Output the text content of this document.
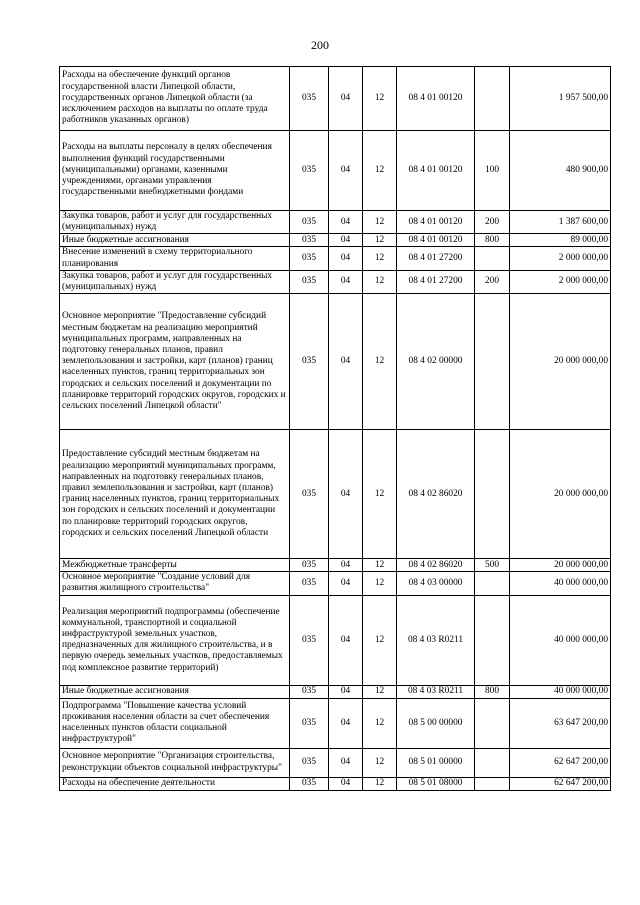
200
Расходы на обеспечение функций органов государственной власти Липецкой области, государственных органов Липецкой области (за исключением расходов на выплаты по оплате труда работников указанных органов)	035	04	12	08 4 01 00120		1 957 500,00
Расходы на выплаты персоналу в целях обеспечения выполнения функций государственными (муниципальными) органами, казенными учреждениями, органами управления государственными внебюджетными фондами	035	04	12	08 4 01 00120	100	480 900,00
Закупка товаров, работ и услуг для государственных (муниципальных) нужд	035	04	12	08 4 01 00120	200	1 387 600,00
Иные бюджетные ассигнования	035	04	12	08 4 01 00120	800	89 000,00
Внесение изменений в схему территориального планирования	035	04	12	08 4 01 27200		2 000 000,00
Закупка товаров, работ и услуг для государственных (муниципальных) нужд	035	04	12	08 4 01 27200	200	2 000 000,00
Основное мероприятие "Предоставление субсидий местным бюджетам на реализацию мероприятий муниципальных программ, направленных на подготовку генеральных планов, правил землепользования и застройки, карт (планов) границ населенных пунктов, границ территориальных зон городских и сельских поселений и документации по планировке территорий городских округов, городских и сельских поселений Липецкой области"	035	04	12	08 4 02 00000		20 000 000,00
Предоставление субсидий местным бюджетам на реализацию мероприятий муниципальных программ, направленных на подготовку генеральных планов, правил землепользования и застройки, карт (планов) границ населенных пунктов, границ территориальных зон городских и сельских поселений и документации по планировке территорий городских округов, городских и сельских поселений Липецкой области	035	04	12	08 4 02 86020		20 000 000,00
Межбюджетные трансферты	035	04	12	08 4 02 86020	500	20 000 000,00
Основное мероприятие "Создание условий для развития жилищного строительства"	035	04	12	08 4 03 00000		40 000 000,00
Реализация мероприятий подпрограммы (обеспечение коммунальной, транспортной и социальной инфраструктурой земельных участков, предназначенных для жилищного строительства, и в первую очередь земельных участков, предоставляемых под комплексное развитие территорий)	035	04	12	08 4 03 R0211		40 000 000,00
Иные бюджетные ассигнования	035	04	12	08 4 03 R0211	800	40 000 000,00
Подпрограмма "Повышение качества условий проживания населения области за счет обеспечения населенных пунктов области социальной инфраструктурой"	035	04	12	08 5 00 00000		63 647 200,00
Основное мероприятие "Организация строительства, реконструкции объектов социальной инфраструктуры"	035	04	12	08 5 01 00000		62 647 200,00
Расходы на обеспечение деятельности	035	04	12	08 5 01 08000		62 647 200,00
